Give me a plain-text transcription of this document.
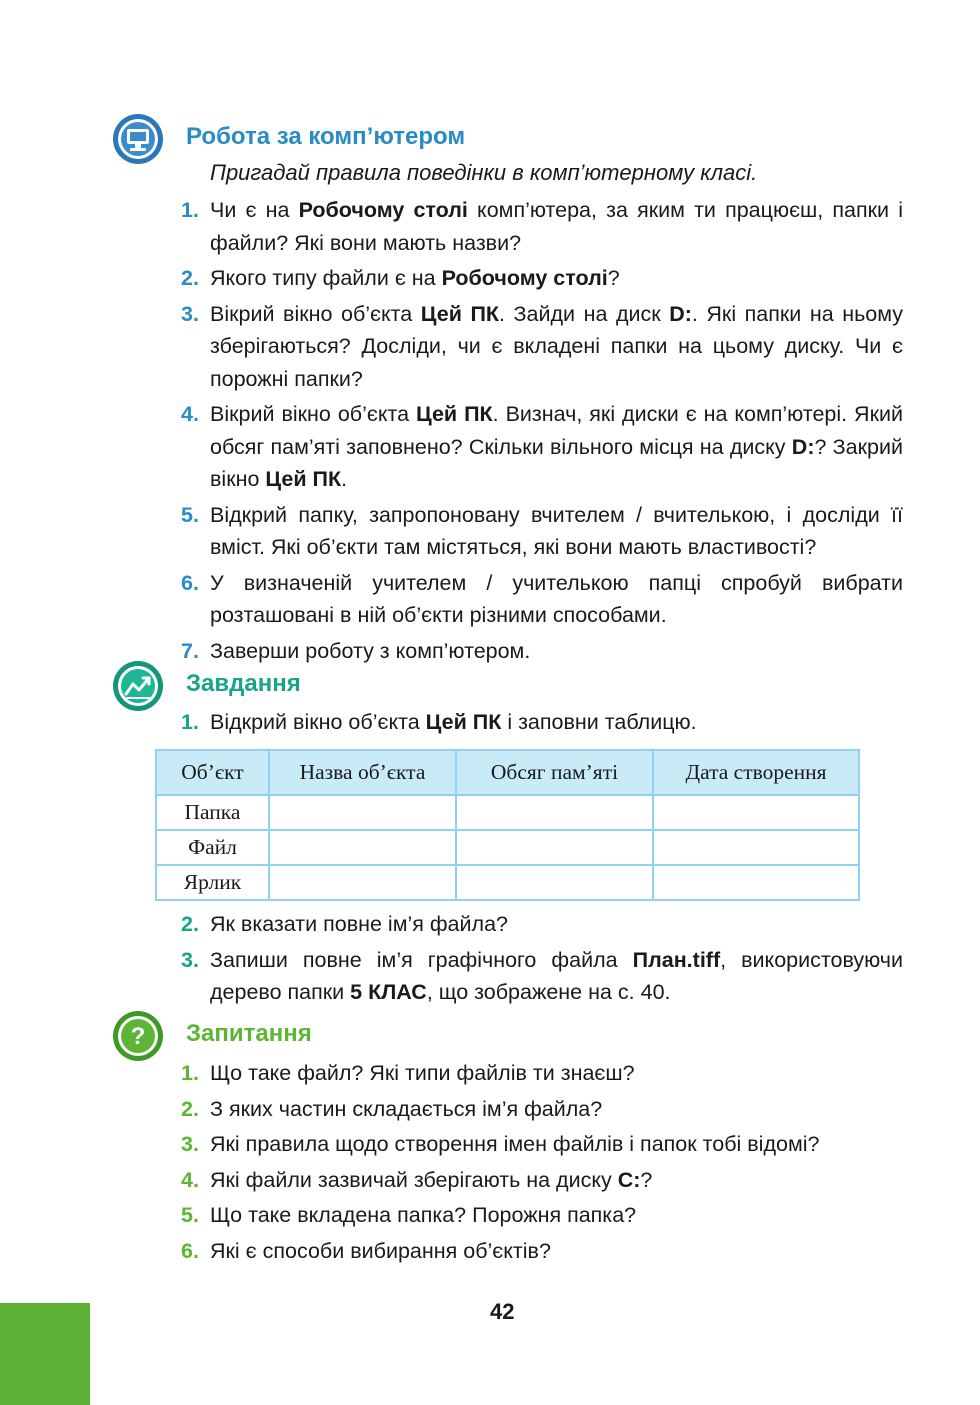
Робота за комп’ютером
Пригадай правила поведінки в комп’ютерному класі.
1. Чи є на Робочому столі комп’ютера, за яким ти працюєш, папки і файли? Які вони мають назви?
2. Якого типу файли є на Робочому столі?
3. Вікрий вікно об’єкта Цей ПК. Зайди на диск D:. Які папки на ньому зберігаються? Досліди, чи є вкладені папки на цьому диску. Чи є порожні папки?
4. Вікрий вікно об’єкта Цей ПК. Визнач, які диски є на комп’ютері. Який обсяг пам’яті заповнено? Скільки вільного місця на диску D:? Закрий вікно Цей ПК.
5. Відкрий папку, запропоновану вчителем / вчителькою, і досліди її вміст. Які об’єкти там містяться, які вони мають властивості?
6. У визначеній учителем / учителькою папці спробуй вибрати розташовані в ній об’єкти різними способами.
7. Заверши роботу з комп’ютером.
Завдання
1. Відкрий вікно об’єкта Цей ПК і заповни таблицю.
Об’єкт	Назва об’єкта	Обсяг пам’яті	Дата створення
Папка			
Файл			
Ярлик			
2. Як вказати повне ім’я файла?
3. Запиши повне ім’я графічного файла План.tiff, використовуючи дерево папки 5 КЛАС, що зображене на с. 40.
? Запитання
1. Що таке файл? Які типи файлів ти знаєш?
2. З яких частин складається ім’я файла?
3. Які правила щодо створення імен файлів і папок тобі відомі?
4. Які файли зазвичай зберігають на диску C:?
5. Що таке вкладена папка? Порожня папка?
6. Які є способи вибирання об’єктів?
42
